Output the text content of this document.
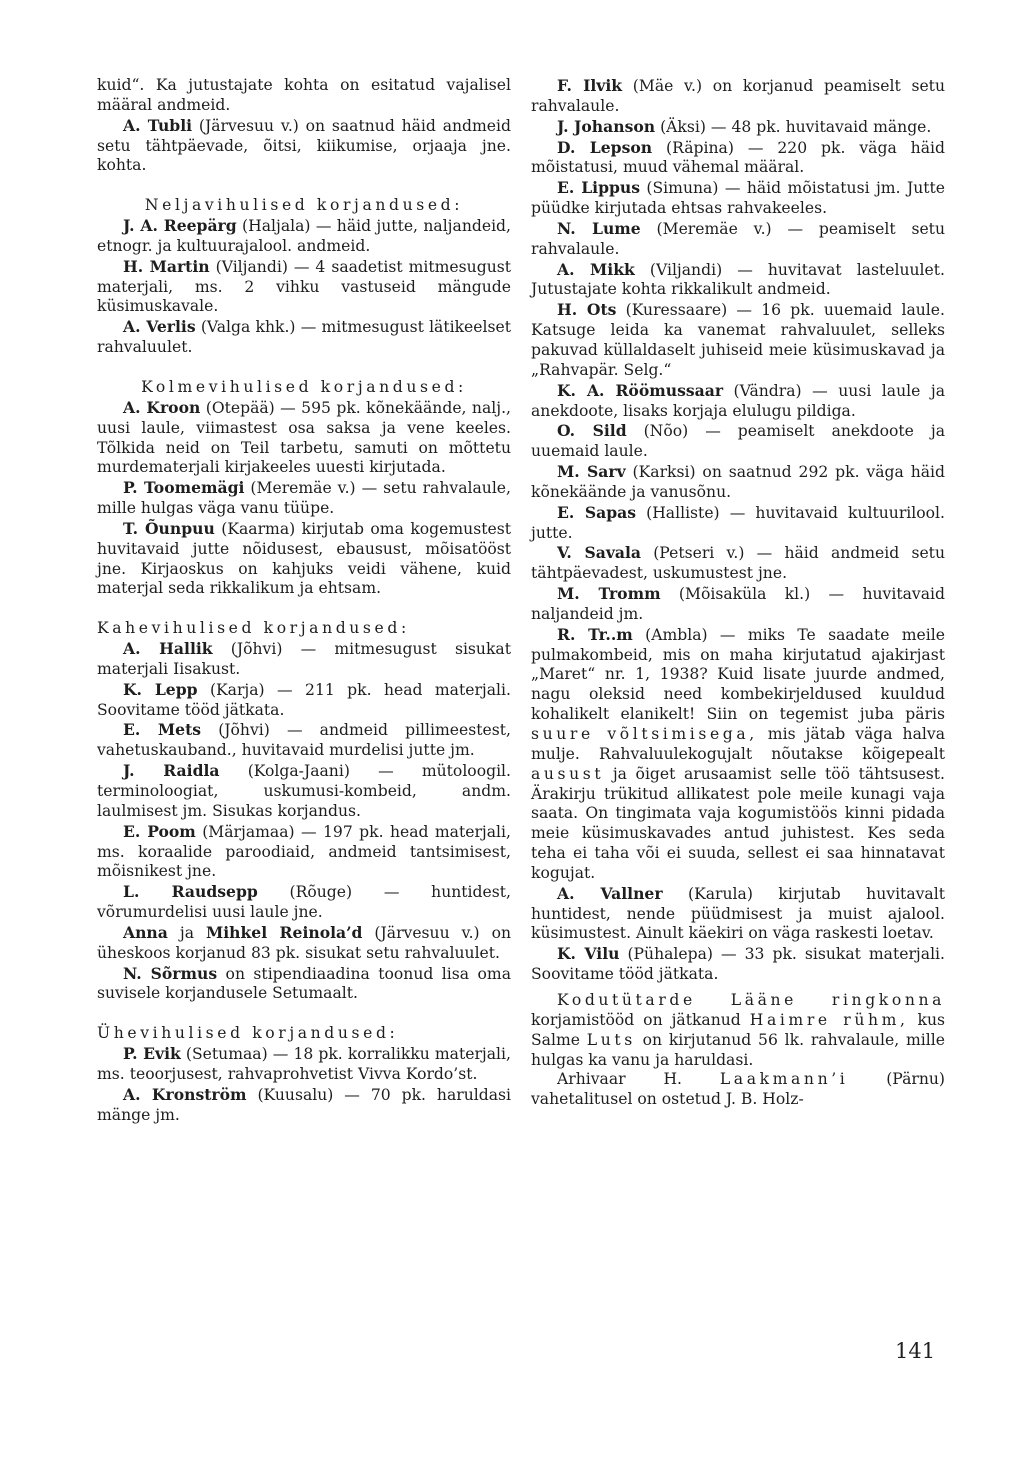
kuid“. Ka jutustajate kohta on esitatud vajalisel määral andmeid.

A. Tubli (Järvesuu v.) on saatnud häid andmeid setu tähtpäevade, õitsi, kiikumise, orjaaja jne. kohta.

Neljavihulised korjandused:

J. A. Reepärg (Haljala) — häid jutte, naljandeid, etnogr. ja kultuurajalool. andmeid.

H. Martin (Viljandi) — 4 saadetist mitmesugust materjali, ms. 2 vihku vastuseid mängude küsimuskavale.

A. Verlis (Valga khk.) — mitmesugust lätikeelset rahvaluulet.

Kolmevihulised korjandused:

A. Kroon (Otepää) — 595 pk. kõnekäände, nalj., uusi laule, viimastest osa saksa ja vene keeles. Tõlkida neid on Teil tarbetu, samuti on mõttetu murdematerjali kirjakeeles uuesti kirjutada.

P. Toomemägi (Meremäe v.) — setu rahvalaule, mille hulgas väga vanu tüüpe.

T. Õunpuu (Kaarma) kirjutab oma kogemustest huvitavaid jutte nõidusest, ebausust, mõisatööst jne. Kirjaoskus on kahjuks veidi vähene, kuid materjal seda rikkalikum ja ehtsam.

Kahevihulised korjandused:

A. Hallik (Jõhvi) — mitmesugust sisukat materjali Iisakust.

K. Lepp (Karja) — 211 pk. head materjali. Soovitame tööd jätkata.

E. Mets (Jõhvi) — andmeid pillimeestest, vahetuskauband., huvitavaid murdelisi jutte jm.

J. Raidla (Kolga-Jaani) — mütoloogil. terminoloogiat, uskumusi-kombeid, andm. laulmisest jm. Sisukas korjandus.

E. Poom (Märjamaa) — 197 pk. head materjali, ms. koraalide paroodiaid, andmeid tantsimisest, mõisnikest jne.

L. Raudsepp (Rõuge) — huntidest, võrumurdelisi uusi laule jne.

Anna ja Mihkel Reinola’d (Järvesuu v.) on üheskoos korjanud 83 pk. sisukat setu rahvaluulet.

N. Sõrmus on stipendiaadina toonud lisa oma suvisele korjandusele Setumaalt.

Ühevihulised korjandused:

P. Evik (Setumaa) — 18 pk. korralikku materjali, ms. teoorjusest, rahvaprohvetist Vivva Kordo’st.

A. Kronström (Kuusalu) — 70 pk. haruldasi mänge jm.

F. Ilvik (Mäe v.) on korjanud peamiselt setu rahvalaule.

J. Johanson (Äksi) — 48 pk. huvitavaid mänge.

D. Lepson (Räpina) — 220 pk. väga häid mõistatusi, muud vähemal määral.

E. Lippus (Simuna) — häid mõistatusi jm. Jutte püüdke kirjutada ehtsas rahvakeeles.

N. Lume (Meremäe v.) — peamiselt setu rahvalaule.

A. Mikk (Viljandi) — huvitavat lasteluulet. Jutustajate kohta rikkalikult andmeid.

H. Ots (Kuressaare) — 16 pk. uuemaid laule. Katsuge leida ka vanemat rahvaluulet, selleks pakuvad küllaldaselt juhiseid meie küsimuskavad ja „Rahvapär. Selg.“

K. A. Röömussaar (Vändra) — uusi laule ja anekdoote, lisaks korjaja elulugu pildiga.

O. Sild (Nõo) — peamiselt anekdoote ja uuemaid laule.

M. Sarv (Karksi) on saatnud 292 pk. väga häid kõnekäände ja vanusõnu.

E. Sapas (Halliste) — huvitavaid kultuurilool. jutte.

V. Savala (Petseri v.) — häid andmeid setu tähtpäevadest, uskumustest jne.

M. Tromm (Mõisaküla kl.) — huvitavaid naljandeid jm.

R. Tr..m (Ambla) — miks Te saadate meile pulmakombeid, mis on maha kirjutatud ajakirjast „Maret“ nr. 1, 1938? Kuid lisate juurde andmed, nagu oleksid need kombekirjeldused kuuldud kohalikelt elanikelt! Siin on tegemist juba päris suure võltsimisega, mis jätab väga halva mulje. Rahvaluulekogujalt nõutakse kõigepealt ausust ja õiget arusaamist selle töö tähtsusest. Ärakirju trükitud allikatest pole meile kunagi vaja saata. On tingimata vaja kogumistöös kinni pidada meie küsimuskavades antud juhistest. Kes seda teha ei taha või ei suuda, sellest ei saa hinnatavat kogujat.

A. Vallner (Karula) kirjutab huvitavalt huntidest, nende püüdmisest ja muist ajalool. küsimustest. Ainult käekiri on väga raskesti loetav.

K. Vilu (Pühalepa) — 33 pk. sisukat materjali. Soovitame tööd jätkata.

Kodutütarde Lääne ringkonna korjamistööd on jätkanud Haimre rühm, kus Salme Luts on kirjutanud 56 lk. rahvalaule, mille hulgas ka vanu ja haruldasi.

Arhivaar H. Laakmann’i (Pärnu) vahetalitusel on ostetud J. B. Holz-

141
